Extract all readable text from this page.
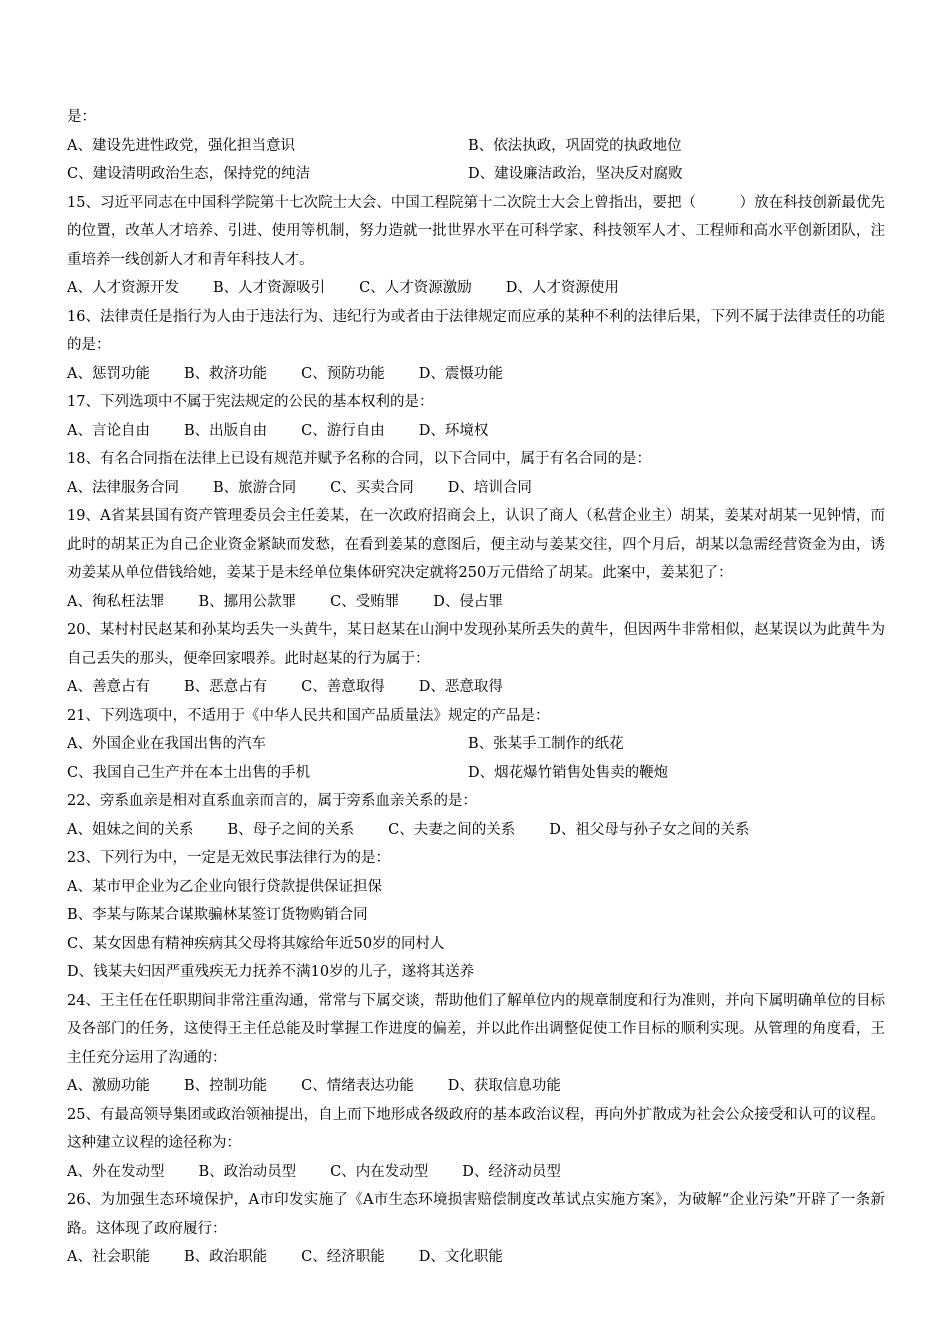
是：
A、建设先进性政党，强化担当意识	B、依法执政，巩固党的执政地位
C、建设清明政治生态，保持党的纯洁	D、建设廉洁政治，坚决反对腐败
15、习近平同志在中国科学院第十七次院士大会、中国工程院第十二次院士大会上曾指出，要把（　　　）放在科技创新最优先的位置，改革人才培养、引进、使用等机制，努力造就一批世界水平在可科学家、科技领军人才、工程师和高水平创新团队，注重培养一线创新人才和青年科技人才。
A、人才资源开发 B、人才资源吸引 C、人才资源激励 D、人才资源使用
16、法律责任是指行为人由于违法行为、违纪行为或者由于法律规定而应承的某种不利的法律后果，下列不属于法律责任的功能的是：
A、惩罚功能 B、救济功能 C、预防功能 D、震慑功能
17、下列选项中不属于宪法规定的公民的基本权利的是：
A、言论自由 B、出版自由 C、游行自由 D、环境权
18、有名合同指在法律上已设有规范并赋予名称的合同，以下合同中，属于有名合同的是：
A、法律服务合同 B、旅游合同 C、买卖合同 D、培训合同
19、A省某县国有资产管理委员会主任姜某，在一次政府招商会上，认识了商人（私营企业主）胡某，姜某对胡某一见钟情，而此时的胡某正为自己企业资金紧缺而发愁，在看到姜某的意图后，便主动与姜某交往，四个月后，胡某以急需经营资金为由，诱劝姜某从单位借钱给她，姜某于是未经单位集体研究决定就将250万元借给了胡某。此案中，姜某犯了：
A、徇私枉法罪 B、挪用公款罪 C、受贿罪 D、侵占罪
20、某村村民赵某和孙某均丢失一头黄牛，某日赵某在山涧中发现孙某所丢失的黄牛，但因两牛非常相似，赵某误以为此黄牛为自己丢失的那头，便牵回家喂养。此时赵某的行为属于：
A、善意占有 B、恶意占有 C、善意取得 D、恶意取得
21、下列选项中，不适用于《中华人民共和国产品质量法》规定的产品是：
A、外国企业在我国出售的汽车	B、张某手工制作的纸花
C、我国自己生产并在本土出售的手机	D、烟花爆竹销售处售卖的鞭炮
22、旁系血亲是相对直系血亲而言的，属于旁系血亲关系的是：
A、姐妹之间的关系 B、母子之间的关系 C、夫妻之间的关系 D、祖父母与孙子女之间的关系
23、下列行为中，一定是无效民事法律行为的是：
A、某市甲企业为乙企业向银行贷款提供保证担保
B、李某与陈某合谋欺骗林某签订货物购销合同
C、某女因患有精神疾病其父母将其嫁给年近50岁的同村人
D、钱某夫妇因严重残疾无力抚养不满10岁的儿子，遂将其送养
24、王主任在任职期间非常注重沟通，常常与下属交谈，帮助他们了解单位内的规章制度和行为准则，并向下属明确单位的目标及各部门的任务，这使得王主任总能及时掌握工作进度的偏差，并以此作出调整促使工作目标的顺利实现。从管理的角度看，王主任充分运用了沟通的：
A、激励功能 B、控制功能 C、情绪表达功能 D、获取信息功能
25、有最高领导集团或政治领袖提出，自上而下地形成各级政府的基本政治议程，再向外扩散成为社会公众接受和认可的议程。这种建立议程的途径称为：
A、外在发动型 B、政治动员型 C、内在发动型 D、经济动员型
26、为加强生态环境保护，A市印发实施了《A市生态环境损害赔偿制度改革试点实施方案》，为破解“企业污染”开辟了一条新路。这体现了政府履行：
A、社会职能 B、政治职能 C、经济职能 D、文化职能
